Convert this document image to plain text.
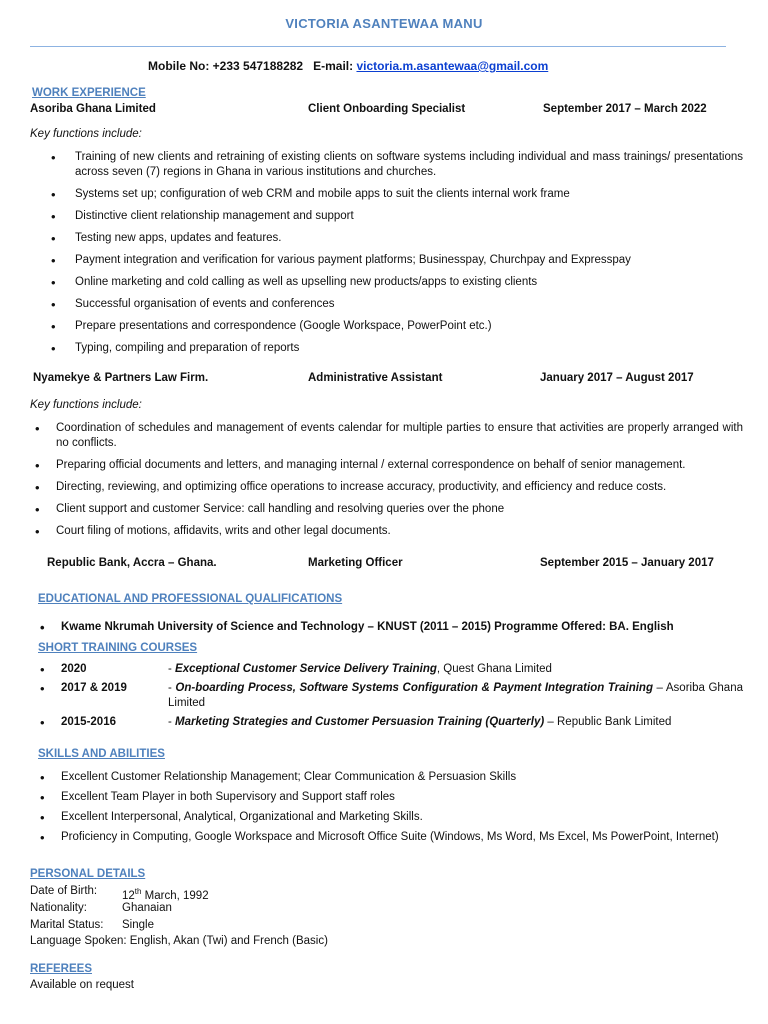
VICTORIA ASANTEWAA MANU
Mobile No: +233 547188282 E-mail: victoria.m.asantewaa@gmail.com
WORK EXPERIENCE
Asoriba Ghana Limited	Client Onboarding Specialist	September 2017 – March 2022
Key functions include:
• Training of new clients and retraining of existing clients on software systems including individual and mass trainings/ presentations across seven (7) regions in Ghana in various institutions and churches.
• Systems set up; configuration of web CRM and mobile apps to suit the clients internal work frame
• Distinctive client relationship management and support
• Testing new apps, updates and features.
• Payment integration and verification for various payment platforms; Businesspay, Churchpay and Expresspay
• Online marketing and cold calling as well as upselling new products/apps to existing clients
• Successful organisation of events and conferences
• Prepare presentations and correspondence (Google Workspace, PowerPoint etc.)
• Typing, compiling and preparation of reports
Nyamekye & Partners Law Firm.	Administrative Assistant	January 2017 – August 2017
Key functions include:
• Coordination of schedules and management of events calendar for multiple parties to ensure that activities are properly arranged with no conflicts.
• Preparing official documents and letters, and managing internal / external correspondence on behalf of senior management.
• Directing, reviewing, and optimizing office operations to increase accuracy, productivity, and efficiency and reduce costs.
• Client support and customer Service: call handling and resolving queries over the phone
• Court filing of motions, affidavits, writs and other legal documents.
Republic Bank, Accra – Ghana.	Marketing Officer	September 2015 – January 2017
EDUCATIONAL AND PROFESSIONAL QUALIFICATIONS
• Kwame Nkrumah University of Science and Technology – KNUST (2011 – 2015) Programme Offered: BA. English
SHORT TRAINING COURSES
2020	- Exceptional Customer Service Delivery Training, Quest Ghana Limited
• 2017 & 2019	- On-boarding Process, Software Systems Configuration & Payment Integration Training – Asoriba Ghana Limited
2015-2016	- Marketing Strategies and Customer Persuasion Training (Quarterly) – Republic Bank Limited
SKILLS AND ABILITIES
• Excellent Customer Relationship Management; Clear Communication & Persuasion Skills
• Excellent Team Player in both Supervisory and Support staff roles
• Excellent Interpersonal, Analytical, Organizational and Marketing Skills.
• Proficiency in Computing, Google Workspace and Microsoft Office Suite (Windows, Ms Word, Ms Excel, Ms PowerPoint, Internet)
PERSONAL DETAILS
Date of Birth: 12th March, 1992
Nationality:	Ghanaian
Marital Status: Single
Language Spoken: English, Akan (Twi) and French (Basic)
REFEREES
Available on request
